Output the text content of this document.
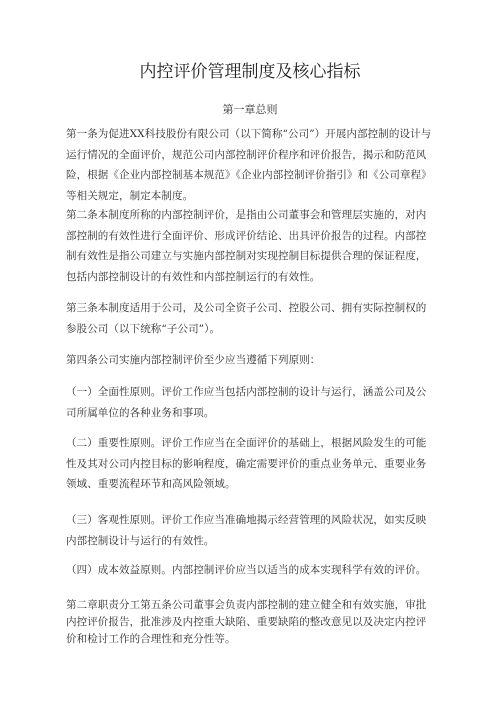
内控评价管理制度及核心指标
第一章总则

第一条为促进XX科技股份有限公司（以下简称“公司”）开展内部控制的设计与运行情况的全面评价，规范公司内部控制评价程序和评价报告，揭示和防范风险，根据《企业内部控制基本规范》《企业内部控制评价指引》和《公司章程》等相关规定，制定本制度。

第二条本制度所称的内部控制评价，是指由公司董事会和管理层实施的，对内部控制的有效性进行全面评价、形成评价结论、出具评价报告的过程。内部控制有效性是指公司建立与实施内部控制对实现控制目标提供合理的保证程度，包括内部控制设计的有效性和内部控制运行的有效性。

第三条本制度适用于公司，及公司全资子公司、控股公司、拥有实际控制权的参股公司（以下统称“子公司”）。

第四条公司实施内部控制评价至少应当遵循下列原则：

（一）全面性原则。评价工作应当包括内部控制的设计与运行，涵盖公司及公司所属单位的各种业务和事项。

（二）重要性原则。评价工作应当在全面评价的基础上，根据风险发生的可能性及其对公司内控目标的影响程度，确定需要评价的重点业务单元、重要业务领域、重要流程环节和高风险领域。

（三）客观性原则。评价工作应当准确地揭示经营管理的风险状况，如实反映内部控制设计与运行的有效性。

（四）成本效益原则。内部控制评价应当以适当的成本实现科学有效的评价。

第二章职责分工第五条公司董事会负责内部控制的建立健全和有效实施，审批内控评价报告，批准涉及内控重大缺陷、重要缺陷的整改意见以及决定内控评价和检讨工作的合理性和充分性等。
